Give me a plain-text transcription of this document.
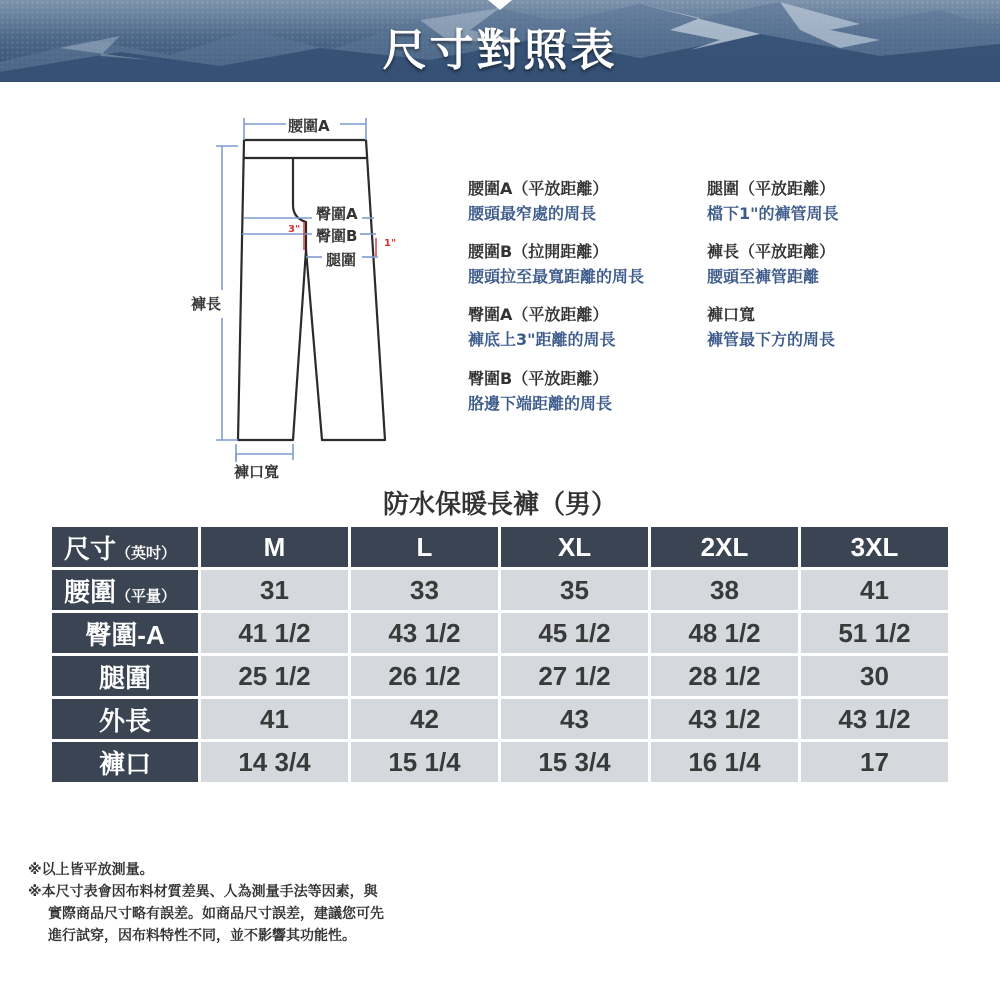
尺寸對照表
腰圍A
臀圍A
臀圍B
腿圍
褲長
褲口寬
3"
1"
腰圍A（平放距離）
腰頭最窄處的周長
腰圍B（拉開距離）
腰頭拉至最寬距離的周長
臀圍A（平放距離）
褲底上3"距離的周長
臀圍B（平放距離）
胳邊下端距離的周長
腿圍（平放距離）
檔下1"的褲管周長
褲長（平放距離）
腰頭至褲管距離
褲口寬
褲管最下方的周長
防水保暖長褲（男）
尺寸（英吋）	M	L	XL	2XL	3XL
腰圍（平量）	31	33	35	38	41
臀圍-A	41 1/2	43 1/2	45 1/2	48 1/2	51 1/2
腿圍	25 1/2	26 1/2	27 1/2	28 1/2	30
外長	41	42	43	43 1/2	43 1/2
褲口	14 3/4	15 1/4	15 3/4	16 1/4	17
※以上皆平放測量。
※本尺寸表會因布料材質差異、人為測量手法等因素，與
實際商品尺寸略有誤差。如商品尺寸誤差，建議您可先
進行試穿，因布料特性不同，並不影響其功能性。
